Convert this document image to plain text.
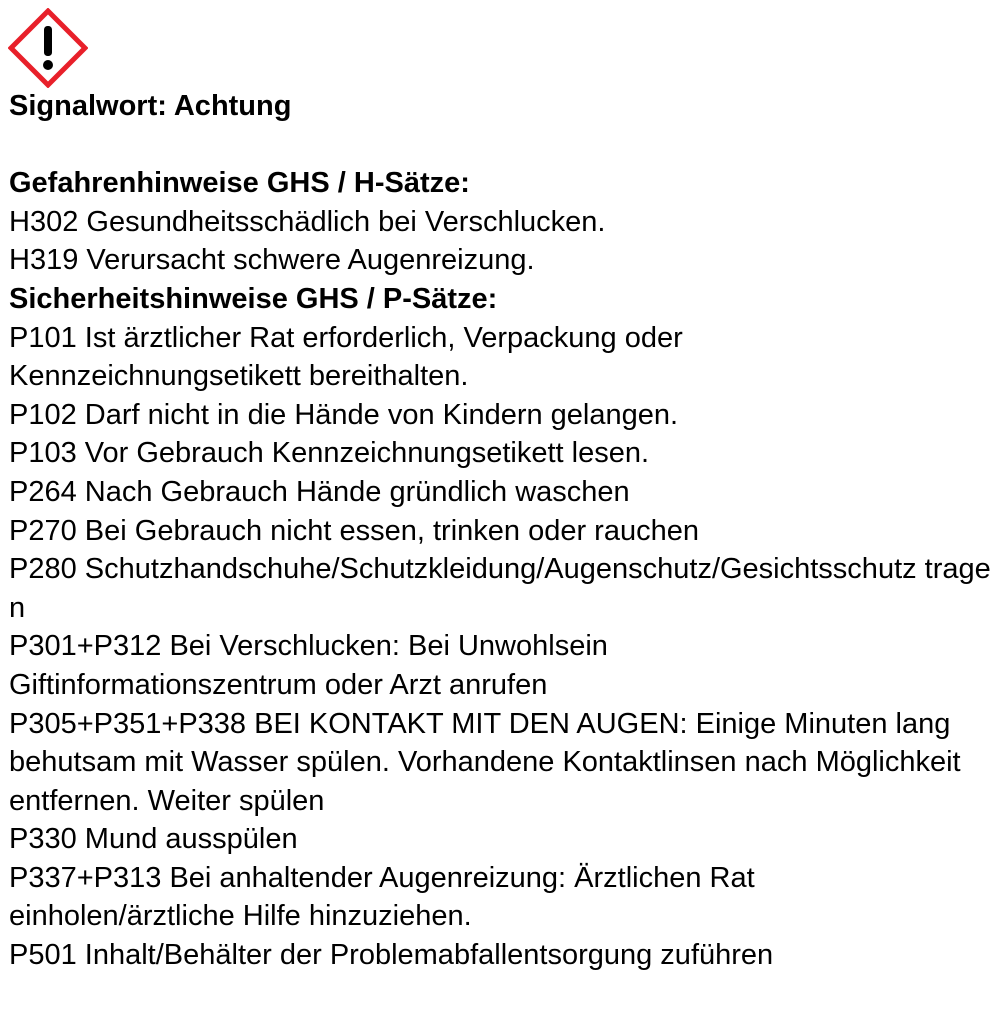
Signalwort: Achtung
Gefahrenhinweise GHS / H-Sätze:
H302 Gesundheitsschädlich bei Verschlucken.
H319 Verursacht schwere Augenreizung.
Sicherheitshinweise GHS / P-Sätze:
P101 Ist ärztlicher Rat erforderlich, Verpackung oder Kennzeichnungsetikett bereithalten.
P102 Darf nicht in die Hände von Kindern gelangen.
P103 Vor Gebrauch Kennzeichnungsetikett lesen.
P264 Nach Gebrauch Hände gründlich waschen
P270 Bei Gebrauch nicht essen, trinken oder rauchen
P280 Schutzhandschuhe/Schutzkleidung/Augenschutz/Gesichtsschutz tragen
P301+P312 Bei Verschlucken: Bei Unwohlsein Giftinformationszentrum oder Arzt anrufen
P305+P351+P338 BEI KONTAKT MIT DEN AUGEN: Einige Minuten lang behutsam mit Wasser spülen. Vorhandene Kontaktlinsen nach Möglichkeit entfernen. Weiter spülen
P330 Mund ausspülen
P337+P313 Bei anhaltender Augenreizung: Ärztlichen Rat einholen/ärztliche Hilfe hinzuziehen.
P501 Inhalt/Behälter der Problemabfallentsorgung zuführen
